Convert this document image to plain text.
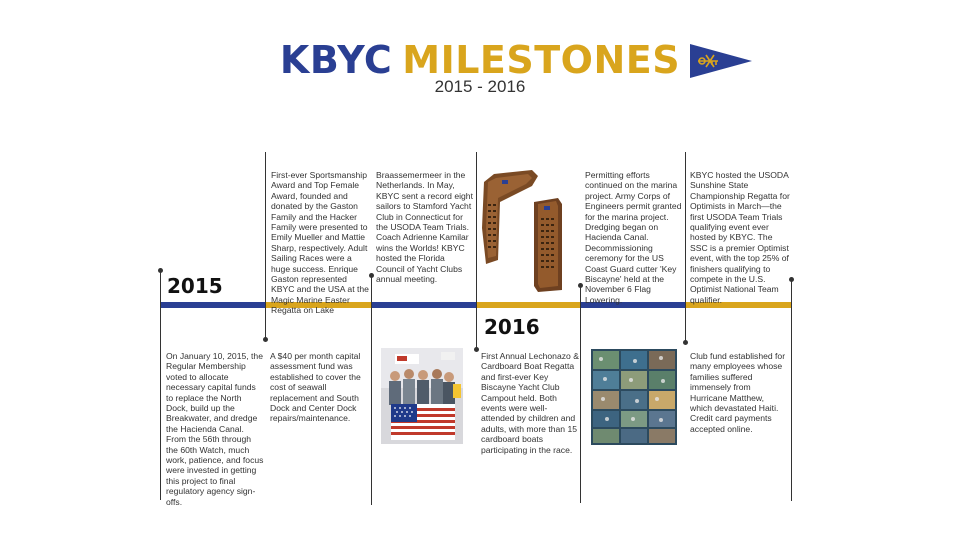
KBYC MILESTONES
2015 - 2016
2015
2016
First-ever Sportsmanship Award and Top Female Award, founded and donated by the Gaston Family and the Hacker Family were presented to Emily Mueller and Mattie Sharp, respectively. Adult Sailing Races were a huge success. Enrique Gaston represented KBYC and the USA at the Magic Marine Easter Regatta on Lake
Braassemermeer in the Netherlands. In May, KBYC sent a record eight sailors to Stamford Yacht Club in Connecticut for the USODA Team Trials. Coach Adrienne Kamilar wins the Worlds! KBYC hosted the Florida Council of Yacht Clubs annual meeting.
Permitting efforts continued on the marina project. Army Corps of Engineers permit granted for the marina project. Dredging began on Hacienda Canal. Decommissioning ceremony for the US Coast Guard cutter 'Key Biscayne' held at the November 6 Flag Lowering.
KBYC hosted the USODA Sunshine State Championship Regatta for Optimists in March—the first USODA Team Trials qualifying event ever hosted by KBYC. The SSC is a premier Optimist event, with the top 25% of finishers qualifying to compete in the U.S. Optimist National Team qualifier.
On January 10, 2015, the Regular Membership voted to allocate necessary capital funds to replace the North Dock, build up the Breakwater, and dredge the Hacienda Canal. From the 56th through the 60th Watch, much work, patience, and focus were invested in getting this project to final regulatory agency sign-offs.
A $40 per month capital assessment fund was established to cover the cost of seawall replacement and South Dock and Center Dock repairs/maintenance.
First Annual Lechonazo & Cardboard Boat Regatta and first-ever Key Biscayne Yacht Club Campout held. Both events were well-attended by children and adults, with more than 15 cardboard boats participating in the race.
Club fund established for many employees whose families suffered immensely from Hurricane Matthew, which devastated Haiti. Credit card payments accepted online.
